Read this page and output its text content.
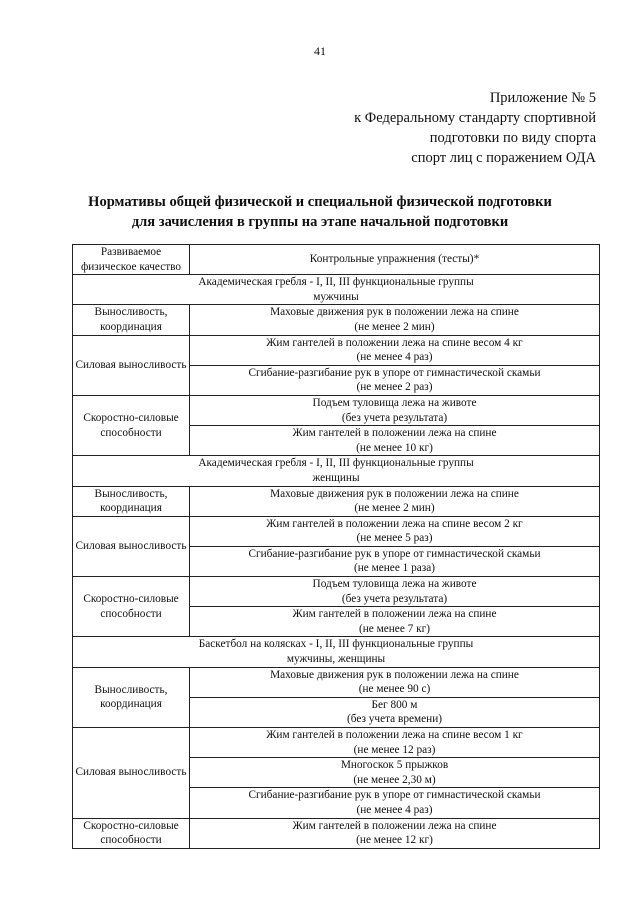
41
Приложение № 5
к Федеральному стандарту спортивной
подготовки по виду спорта
спорт лиц с поражением ОДА
Нормативы общей физической и специальной физической подготовки
для зачисления в группы на этапе начальной подготовки
Развиваемое
физическое качество	Контрольные упражнения (тесты)*

Академическая гребля - I, II, III функциональные группы
мужчины	

Выносливость,
координация	Маховые движения рук в положении лежа на спине
(не менее 2 мин)

Силовая выносливость	Жим гантелей в положении лежа на спине весом 4 кг
(не менее 4 раз)

	Сгибание-разгибание рук в упоре от гимнастической скамьи
(не менее 2 раз)

Скоростно-силовые
способности	Подъем туловища лежа на животе
(без учета результата)

	Жим гантелей в положении лежа на спине
(не менее 10 кг)

Академическая гребля - I, II, III функциональные группы
женщины	

Выносливость,
координация	Маховые движения рук в положении лежа на спине
(не менее 2 мин)

Силовая выносливость	Жим гантелей в положении лежа на спине весом 2 кг
(не менее 5 раз)

	Сгибание-разгибание рук в упоре от гимнастической скамьи
(не менее 1 раза)

Скоростно-силовые
способности	Подъем туловища лежа на животе
(без учета результата)

	Жим гантелей в положении лежа на спине
(не менее 7 кг)

Баскетбол на колясках - I, II, III функциональные группы
мужчины, женщины	

Выносливость,
координация	Маховые движения рук в положении лежа на спине
(не менее 90 с)

	Бег 800 м
(без учета времени)

Силовая выносливость	Жим гантелей в положении лежа на спине весом 1 кг
(не менее 12 раз)

	Многоскок 5 прыжков
(не менее 2,30 м)

	Сгибание-разгибание рук в упоре от гимнастической скамьи
(не менее 4 раз)

Скоростно-силовые
способности	Жим гантелей в положении лежа на спине
(не менее 12 кг)
